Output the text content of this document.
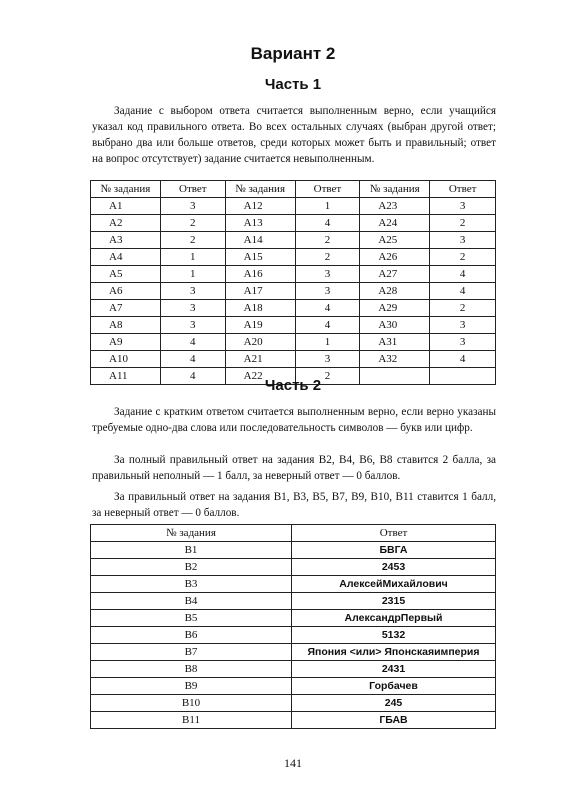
Вариант 2
Часть 1
Задание с выбором ответа считается выполненным верно, если учащийся указал код правильного ответа. Во всех остальных случаях (выбран другой ответ; выбрано два или больше ответов, среди которых может быть и правильный; ответ на вопрос отсутствует) задание считается невыполненным.
№ задания	Ответ	№ задания	Ответ	№ задания	Ответ
А1	3	А12	1	А23	3
А2	2	А13	4	А24	2
А3	2	А14	2	А25	3
А4	1	А15	2	А26	2
А5	1	А16	3	А27	4
А6	3	А17	3	А28	4
А7	3	А18	4	А29	2
А8	3	А19	4	А30	3
А9	4	А20	1	А31	3
А10	4	А21	3	А32	4
А11	4	А22	2		
Часть 2
Задание с кратким ответом считается выполненным верно, если верно указаны требуемые одно-два слова или последовательность символов — букв или цифр.
За полный правильный ответ на задания В2, В4, В6, В8 ставится 2 балла, за правильный неполный — 1 балл, за неверный ответ — 0 баллов.
За правильный ответ на задания В1, В3, В5, В7, В9, В10, В11 ставится 1 балл, за неверный ответ — 0 баллов.
№ задания	Ответ
В1	БВГА
В2	2453
В3	АлексейМихайлович
В4	2315
В5	АлександрПервый
В6	5132
В7	Япония <или> Японскаяимперия
В8	2431
В9	Горбачев
В10	245
В11	ГБАВ
141
